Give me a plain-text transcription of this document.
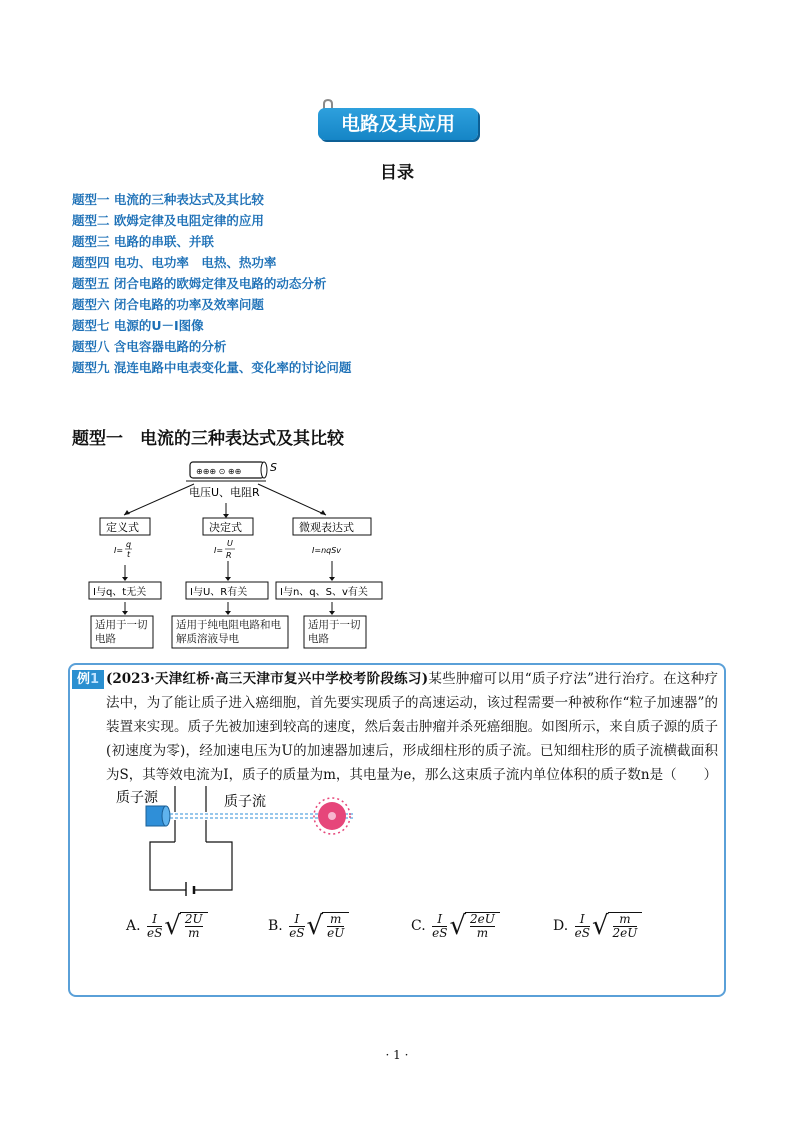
电路及其应用
目录
题型一 电流的三种表达式及其比较
题型二 欧姆定律及电阻定律的应用
题型三 电路的串联、并联
题型四 电功、电功率　电热、热功率
题型五 闭合电路的欧姆定律及电路的动态分析
题型六 闭合电路的功率及效率问题
题型七 电源的U－I图像
题型八 含电容器电路的分析
题型九 混连电路中电表变化量、变化率的讨论问题
题型一　电流的三种表达式及其比较
⊕⊕⊕ ⊙ ⊕⊕	S
电压U、电阻R
定义式	决定式	微观表达式
I=
q
t	I=
U
R
I=nqSv
I与q、t无关	I与U、R有关	I与n、q、S、v有关
适用于一切电路
适用于纯电阻电路和电解质溶液导电
适用于一切电路
例1 (2023·天津红桥·高三天津市复兴中学校考阶段练习)某些肿瘤可以用“质子疗法”进行治疗。在这种疗法中，为了能让质子进入癌细胞，首先要实现质子的高速运动，该过程需要一种被称作“粒子加速器”的装置来实现。质子先被加速到较高的速度，然后轰击肿瘤并杀死癌细胞。如图所示，来自质子源的质子(初速度为零)，经加速电压为U的加速器加速后，形成细柱形的质子流。已知细柱形的质子流横截面积为S，其等效电流为I，质子的质量为m，其电量为e，那么这束质子流内单位体积的质子数n是（　　）
质子源	质子流
A.
$\frac{I}{eS}$ √ $\frac{2U}{m}$	B.
$\frac{I}{eS}$ √ $\frac{m}{eU}$	C.
$\frac{I}{eS}$ √ $\frac{2eU}{m}$	D.
$\frac{I}{eS}$ √ $\frac{m}{2eU}$
· 1 ·
